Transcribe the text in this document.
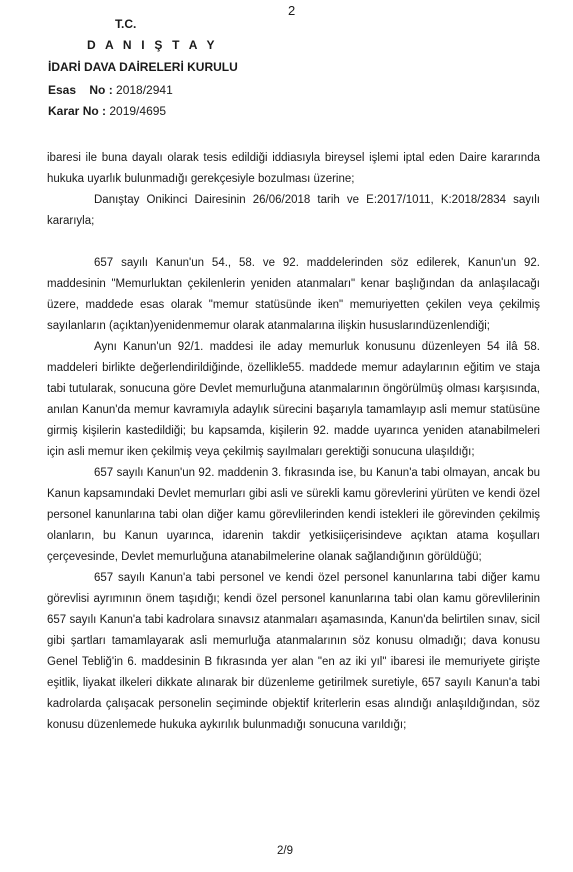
2
T.C.
D A N I Ş T A Y
İDARİ DAVA DAİRELERİ KURULU
Esas    No : 2018/2941
Karar No : 2019/4695

ibaresi ile buna dayalı olarak tesis edildiği iddiasıyla bireysel işlemi iptal eden Daire kararında hukuka uyarlık bulunmadığı gerekçesiyle bozulması üzerine;

Danıştay Onikinci Dairesinin 26/06/2018 tarih ve E:2017/1011, K:2018/2834 sayılı kararıyla;

657 sayılı Kanun'un 54., 58. ve 92. maddelerinden söz edilerek, Kanun'un 92. maddesinin "Memurluktan çekilenlerin yeniden atanmaları" kenar başlığından da anlaşılacağı üzere, maddede esas olarak "memur statüsünde iken" memuriyetten çekilen veya çekilmiş sayılanların (açıktan)yenidenmemur olarak atanmalarına ilişkin hususlarındüzenlendiği;

Aynı Kanun'un 92/1. maddesi ile aday memurluk konusunu düzenleyen 54 ilâ 58. maddeleri birlikte değerlendirildiğinde, özellikle55. maddede memur adaylarının eğitim ve staja tabi tutularak, sonucuna göre Devlet memurluğuna atanmalarının öngörülmüş olması karşısında, anılan Kanun'da memur kavramıyla adaylık sürecini başarıyla tamamlayıp asli memur statüsüne girmiş kişilerin kastedildiği; bu kapsamda, kişilerin 92. madde uyarınca yeniden atanabilmeleri için asli memur iken çekilmiş veya çekilmiş sayılmaları gerektiği sonucuna ulaşıldığı;

657 sayılı Kanun'un 92. maddenin 3. fıkrasında ise, bu Kanun'a tabi olmayan, ancak bu Kanun kapsamındaki Devlet memurları gibi asli ve sürekli kamu görevlerini yürüten ve kendi özel personel kanunlarına tabi olan diğer kamu görevlilerinden kendi istekleri ile görevinden çekilmiş olanların, bu Kanun uyarınca, idarenin takdir yetkisiiçerisindeve açıktan atama koşulları çerçevesinde, Devlet memurluğuna atanabilmelerine olanak sağlandığının görüldüğü;

657 sayılı Kanun'a tabi personel ve kendi özel personel kanunlarına tabi diğer kamu görevlisi ayrımının önem taşıdığı; kendi özel personel kanunlarına tabi olan kamu görevlilerinin 657 sayılı Kanun'a tabi kadrolara sınavsız atanmaları aşamasında, Kanun'da belirtilen sınav, sicil gibi şartları tamamlayarak asli memurluğa atanmalarının söz konusu olmadığı; dava konusu Genel Tebliğ'in 6. maddesinin B fıkrasında yer alan "en az iki yıl" ibaresi ile memuriyete girişte eşitlik, liyakat ilkeleri dikkate alınarak bir düzenleme getirilmek suretiyle, 657 sayılı Kanun'a tabi kadrolarda çalışacak personelin seçiminde objektif kriterlerin esas alındığı anlaşıldığından, söz konusu düzenlemede hukuka aykırılık bulunmadığı sonucuna varıldığı;

2/9
